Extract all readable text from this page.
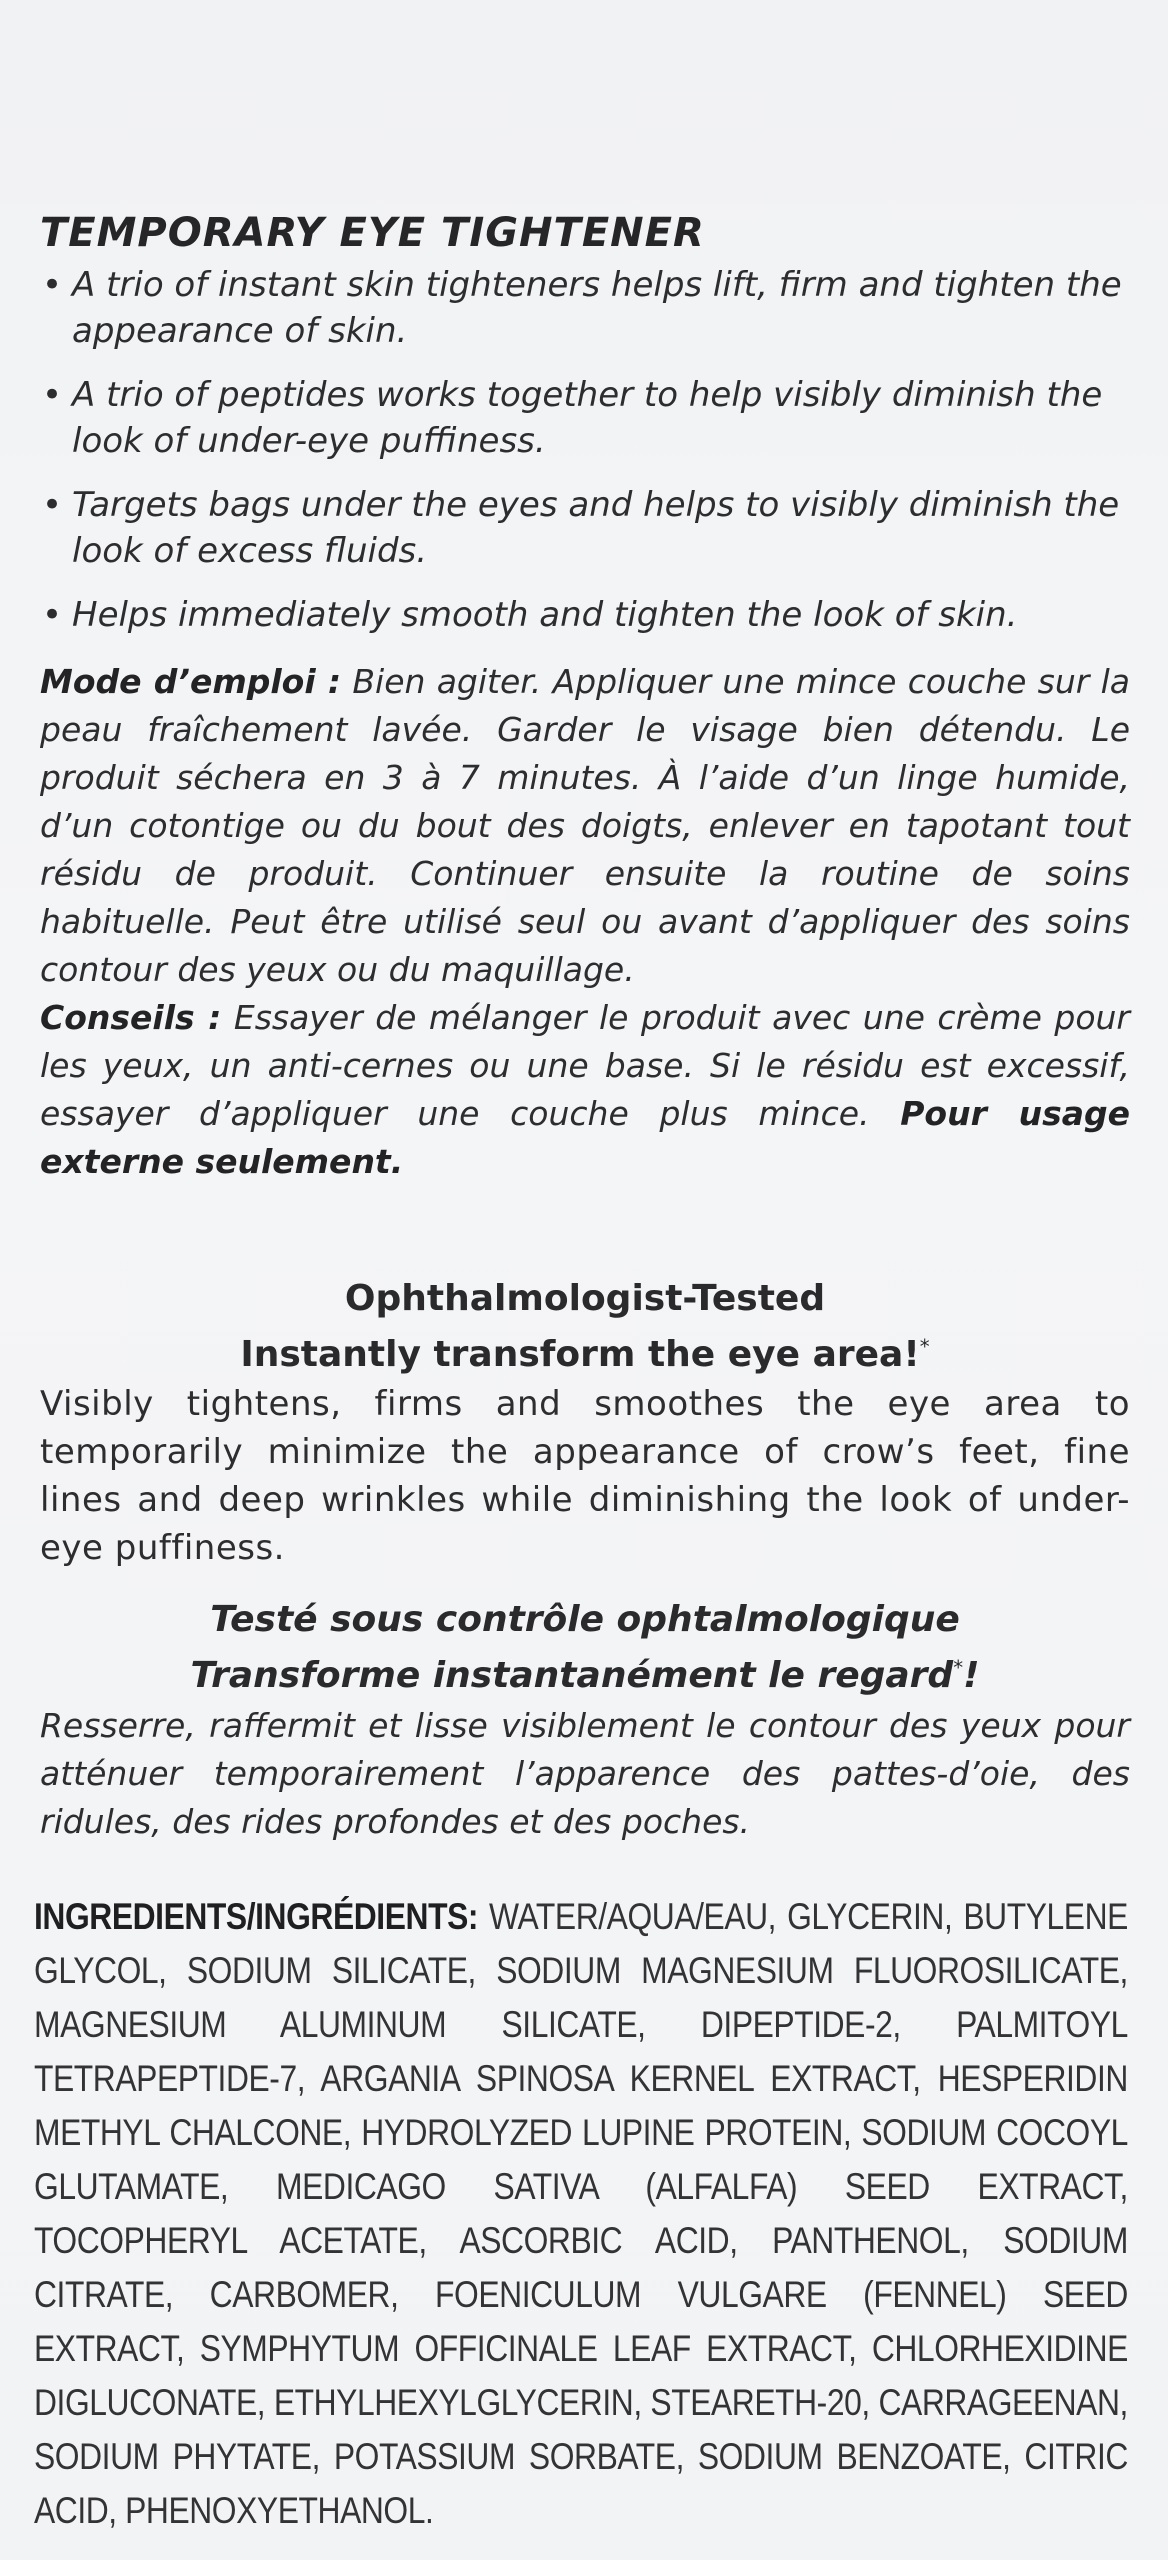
TEMPORARY EYE TIGHTENER
• A trio of instant skin tighteners helps lift, firm and tighten the appearance of skin.
• A trio of peptides works together to help visibly diminish the look of under-eye puffiness.
• Targets bags under the eyes and helps to visibly diminish the look of excess fluids.
• Helps immediately smooth and tighten the look of skin.

Mode d’emploi : Bien agiter. Appliquer une mince couche sur la peau fraîchement lavée. Garder le visage bien détendu. Le produit séchera en 3 à 7 minutes. À l’aide d’un linge humide, d’un cotontige ou du bout des doigts, enlever en tapotant tout résidu de produit. Continuer ensuite la routine de soins habituelle. Peut être utilisé seul ou avant d’appliquer des soins contour des yeux ou du maquillage.

Conseils : Essayer de mélanger le produit avec une crème pour les yeux, un anti-cernes ou une base. Si le résidu est excessif, essayer d’appliquer une couche plus mince. Pour usage externe seulement.

Ophthalmologist-Tested
Instantly transform the eye area!*
Visibly tightens, firms and smoothes the eye area to temporarily minimize the appearance of crow’s feet, fine lines and deep wrinkles while diminishing the look of under-eye puffiness.
Testé sous contrôle ophtalmologique
Transforme instantanément le regard*!
Resserre, raffermit et lisse visiblement le contour des yeux pour atténuer temporairement l’apparence des pattes-d’oie, des ridules, des rides profondes et des poches.
INGREDIENTS/INGRÉDIENTS: WATER/AQUA/EAU, GLYCERIN, BUTYLENE GLYCOL, SODIUM SILICATE, SODIUM MAGNESIUM FLUOROSILICATE, MAGNESIUM ALUMINUM SILICATE, DIPEPTIDE-2, PALMITOYL TETRAPEPTIDE-7, ARGANIA SPINOSA KERNEL EXTRACT, HESPERIDIN METHYL CHALCONE, HYDROLYZED LUPINE PROTEIN, SODIUM COCOYL GLUTAMATE, MEDICAGO SATIVA (ALFALFA) SEED EXTRACT, TOCOPHERYL ACETATE, ASCORBIC ACID, PANTHENOL, SODIUM CITRATE, CARBOMER, FOENICULUM VULGARE (FENNEL) SEED EXTRACT, SYMPHYTUM OFFICINALE LEAF EXTRACT, CHLORHEXIDINE DIGLUCONATE, ETHYLHEXYLGLYCERIN, STEARETH-20, CARRAGEENAN, SODIUM PHYTATE, POTASSIUM SORBATE, SODIUM BENZOATE, CITRIC ACID, PHENOXYETHANOL.
